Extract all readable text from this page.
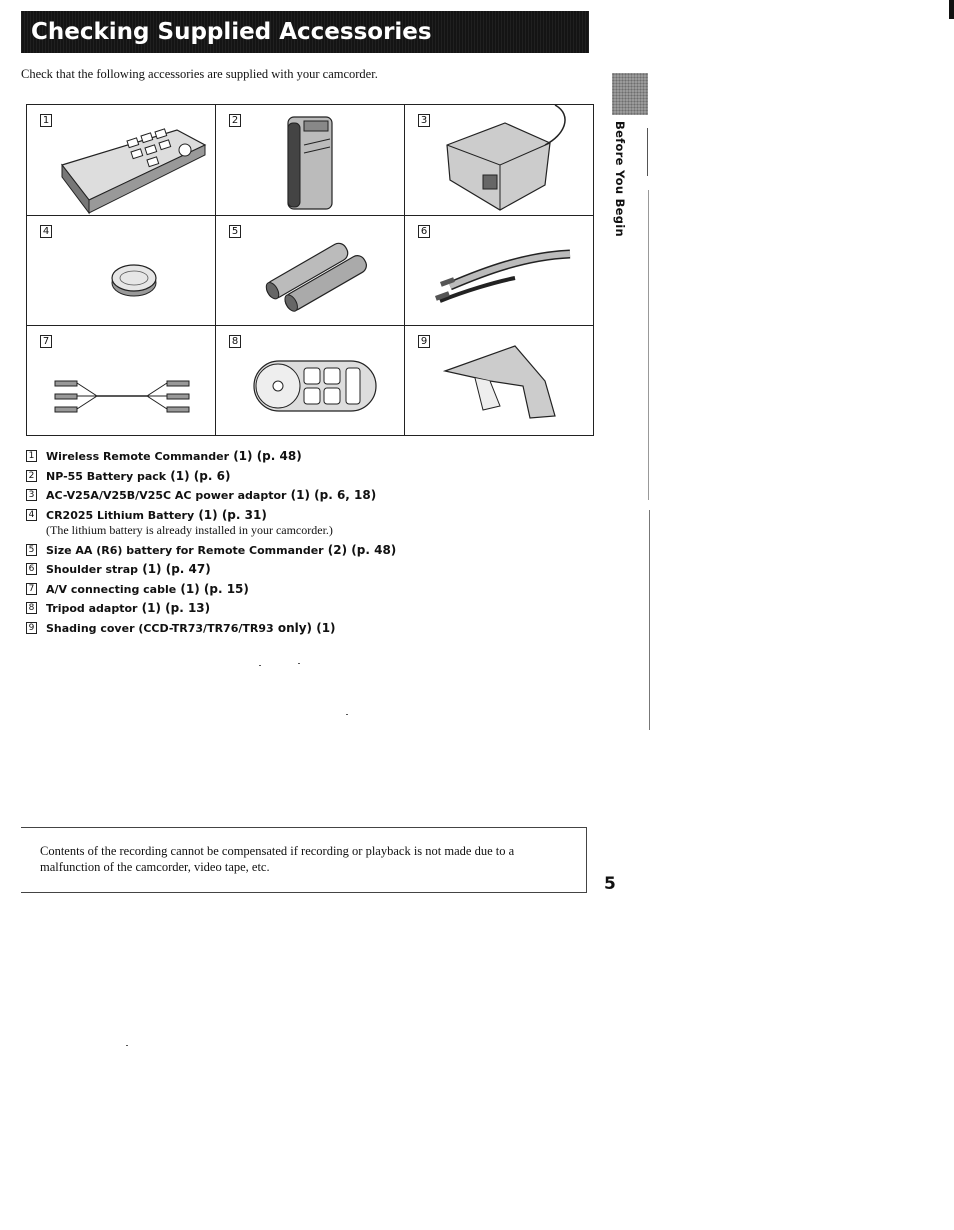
Checking Supplied Accessories
Check that the following accessories are supplied with your camcorder.
Before You Begin
1	2	3
4	5	6
7	8	9
1 Wireless Remote Commander (1) (p. 48)
2 NP-55 Battery pack (1) (p. 6)
3 AC-V25A/V25B/V25C AC power adaptor (1) (p. 6, 18)
4 CR2025 Lithium Battery (1) (p. 31)
(The lithium battery is already installed in your camcorder.)
5 Size AA (R6) battery for Remote Commander (2) (p. 48)
6 Shoulder strap (1) (p. 47)
7 A/V connecting cable (1) (p. 15)
8 Tripod adaptor (1) (p. 13)
9 Shading cover (CCD-TR73/TR76/TR93 only) (1)
Contents of the recording cannot be compensated if recording or playback is not made due to a malfunction of the camcorder, video tape, etc.
5
